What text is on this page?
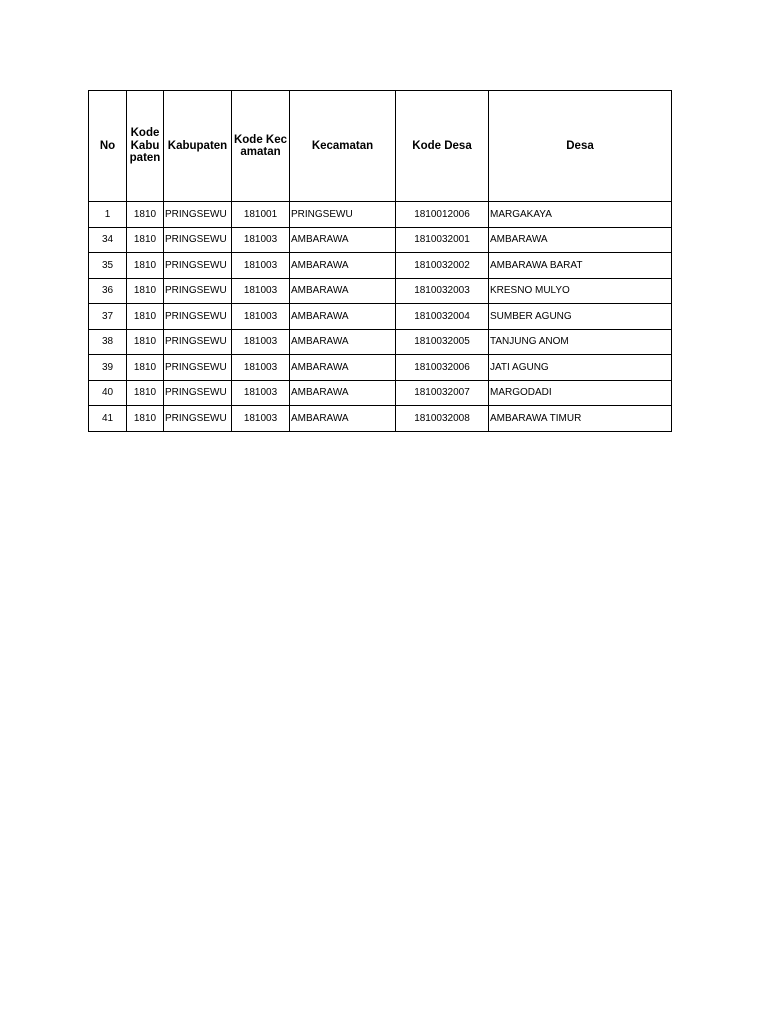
No	Kode Kabupaten	Kabupaten	Kode Kecamatan	Kecamatan	Kode Desa	Desa
1	1810	PRINGSEWU	181001	PRINGSEWU	1810012006	MARGAKAYA
34	1810	PRINGSEWU	181003	AMBARAWA	1810032001	AMBARAWA
35	1810	PRINGSEWU	181003	AMBARAWA	1810032002	AMBARAWA BARAT
36	1810	PRINGSEWU	181003	AMBARAWA	1810032003	KRESNO MULYO
37	1810	PRINGSEWU	181003	AMBARAWA	1810032004	SUMBER AGUNG
38	1810	PRINGSEWU	181003	AMBARAWA	1810032005	TANJUNG ANOM
39	1810	PRINGSEWU	181003	AMBARAWA	1810032006	JATI AGUNG
40	1810	PRINGSEWU	181003	AMBARAWA	1810032007	MARGODADI
41	1810	PRINGSEWU	181003	AMBARAWA	1810032008	AMBARAWA TIMUR
